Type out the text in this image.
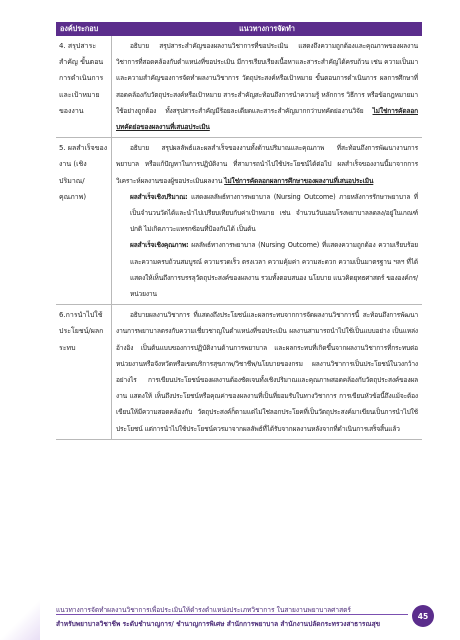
องค์ประกอบ	แนวทางการจัดทำ
4. สรุปสาระสำคัญ ขั้นตอนการดำเนินการ และเป้าหมายของงาน

อธิบาย สรุปสาระสำคัญของผลงานวิชาการที่ขอประเมิน แสดงถึงความถูกต้องและคุณภาพของผลงานวิชาการที่สอดคล้องกับตำแหน่งที่ขอประเมิน มีการเรียบเรียงเนื้อหาและสาระสำคัญได้ครบถ้วน เช่น ความเป็นมาและความสำคัญของการจัดทำผลงานวิชาการ วัตถุประสงค์หรือเป้าหมาย ขั้นตอนการดำเนินการ ผลการศึกษาที่สอดคล้องกับวัตถุประสงค์หรือเป้าหมาย สาระสำคัญสะท้อนถึงการนำความรู้ หลักการ วิธีการ หรือข้อกฎหมายมาใช้อย่างถูกต้อง ทั้งสรุปสาระสำคัญมีร้อยละเดียดและสาระสำคัญมากกว่าบทคัดย่องานวิจัย ไม่ใช่การคัดลอกบทคัดย่อของผลงานที่เสนอประเมิน

5. ผลสำเร็จของงาน (เชิงปริมาณ/คุณภาพ)

อธิบาย สรุปผลลัพธ์และผลสำเร็จของงานทั้งด้านปริมาณและคุณภาพ ที่สะท้อนถึงการพัฒนางานการพยาบาล หรือแก้ปัญหาในการปฏิบัติงาน ที่สามารถนำไปใช้ประโยชน์ได้ต่อไป ผลสำเร็จของงานนี้มาจากการวิเคราะห์ผลงานของผู้ขอประเมินผลงาน ไม่ใช่การคัดลอกผลการศึกษาของผลงานที่เสนอประเมิน

ผลสำเร็จเชิงปริมาณ: แสดงผลลัพธ์ทางการพยาบาล (Nursing Outcome) ภายหลังการรักษาพยาบาล ที่เป็นจำนวนวัดได้และนำไปเปรียบเทียบกับค่าเป้าหมาย เช่น จำนวนวันนอนโรงพยาบาลลดลง/อยู่ในเกณฑ์ปกติ ไม่เกิดภาวะแทรกซ้อนที่ป้องกันได้ เป็นต้น

ผลสำเร็จเชิงคุณภาพ: ผลลัพธ์ทางการพยาบาล (Nursing Outcome) ที่แสดงความถูกต้อง ความเรียบร้อยและความครบถ้วนสมบูรณ์ ความรวดเร็ว ตรงเวลา ความคุ้มค่า ความสะดวก ความเป็นมาตรฐาน ฯลฯ ที่ได้ แสดงให้เห็นถึงการบรรลุวัตถุประสงค์ของผลงาน รวมทั้งตอบสนอง นโยบาย แนวคิดยุทธศาสตร์ ขององค์กร/หน่วยงาน

6.การนำไปใช้ประโยชน์/ผลกระทบ

อธิบายผลงานวิชาการ ที่แสดงถึงประโยชน์และผลกระทบจากการจัดผลงานวิชาการนี้ สะท้อนถึงการพัฒนางานการพยาบาลตรงกับความเชี่ยวชาญในตำแหน่งที่ขอประเมิน ผลงานสามารถนำไปใช้เป็นแบบอย่าง เป็นแหล่งอ้างอิง เป็นต้นแบบของการปฏิบัติงานด้านการพยาบาล และผลกระทบที่เกิดขึ้นจากผลงานวิชาการที่กระทบต่อหน่วยงานหรือจังหวัดหรือเขตบริการสุขภาพ/วิชาชีพ/นโยบายของกรม ผลงานวิชาการเป็นประโยชน์ในวงกว้างอย่างไร การเขียนประโยชน์ของผลงานต้องชัดเจนทั้งเชิงปริมาณและคุณภาพสอดคล้องกับวัตถุประสงค์ของผลงาน แสดงให้ เห็นถึงประโยชน์หรือคุณค่าของผลงานที่เป็นที่ยอมรับในทางวิชาการ การเขียนหัวข้อนี้ถึงแม้จะต้องเขียนให้มีความสอดคล้องกับ วัตถุประสงค์ก็ตามแต่ไม่ใช่ลอกประโยคที่เป็นวัตถุประสงค์มาเขียนเป็นการนำไปใช้ประโยชน์ แต่การนำไปใช้ประโยชน์ควรมาจากผลลัพธ์ที่ได้รับจากผลงานหลังจากที่ดำเนินการเสร็จสิ้นแล้ว

แนวทางการจัดทำผลงานวิชาการเพื่อประเมินให้ดำรงตำแหน่งประเภทวิชาการ ในสายงานพยาบาลศาสตร์
สำหรับพยาบาลวิชาชีพ ระดับชำนาญการ/ ชำนาญการพิเศษ สำนักการพยาบาล สำนักงานปลัดกระทรวงสาธารณสุข
45
